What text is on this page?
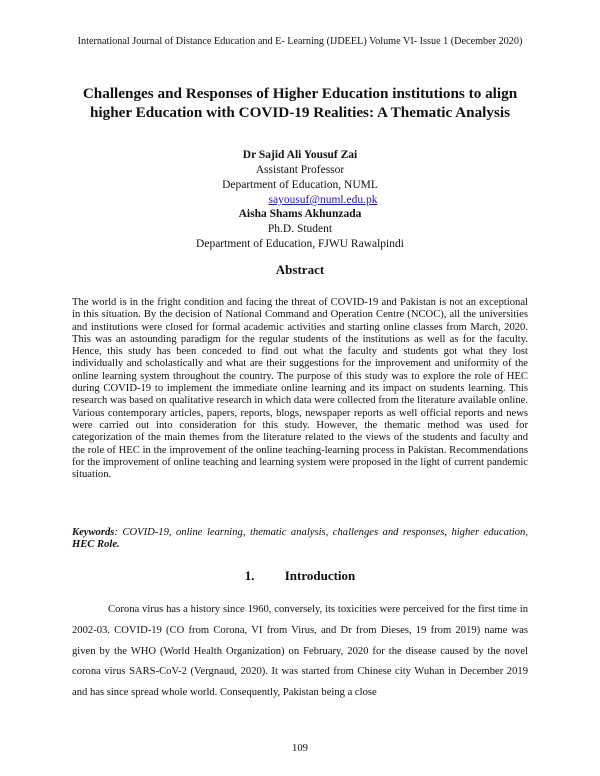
International Journal of Distance Education and E- Learning (IJDEEL) Volume VI- Issue 1 (December 2020)
Challenges and Responses of Higher Education institutions to align higher Education with COVID-19 Realities: A Thematic Analysis
Dr Sajid Ali Yousuf Zai
Assistant Professor
Department of Education, NUML
sayousuf@numl.edu.pk
Aisha Shams Akhunzada
Ph.D. Student
Department of Education, FJWU Rawalpindi
Abstract
The world is in the fright condition and facing the threat of COVID-19 and Pakistan is not an exceptional in this situation. By the decision of National Command and Operation Centre (NCOC), all the universities and institutions were closed for formal academic activities and starting online classes from March, 2020. This was an astounding paradigm for the regular students of the institutions as well as for the faculty. Hence, this study has been conceded to find out what the faculty and students got what they lost individually and scholastically and what are their suggestions for the improvement and uniformity of the online learning system throughout the country. The purpose of this study was to explore the role of HEC during COVID-19 to implement the immediate online learning and its impact on students learning. This research was based on qualitative research in which data were collected from the literature available online. Various contemporary articles, papers, reports, blogs, newspaper reports as well official reports and news were carried out into consideration for this study. However, the thematic method was used for categorization of the main themes from the literature related to the views of the students and faculty and the role of HEC in the improvement of the online teaching-learning process in Pakistan. Recommendations for the improvement of online teaching and learning system were proposed in the light of current pandemic situation.
Keywords: COVID-19, online learning, thematic analysis, challenges and responses, higher education, HEC Role.
1. Introduction
Corona virus has a history since 1960, conversely, its toxicities were perceived for the first time in 2002-03. COVID-19 (CO from Corona, VI from Virus, and Dr from Dieses, 19 from 2019) name was given by the WHO (World Health Organization) on February, 2020 for the disease caused by the novel corona virus SARS-CoV-2 (Vergnaud, 2020). It was started from Chinese city Wuhan in December 2019 and has since spread whole world. Consequently, Pakistan being a close
109
